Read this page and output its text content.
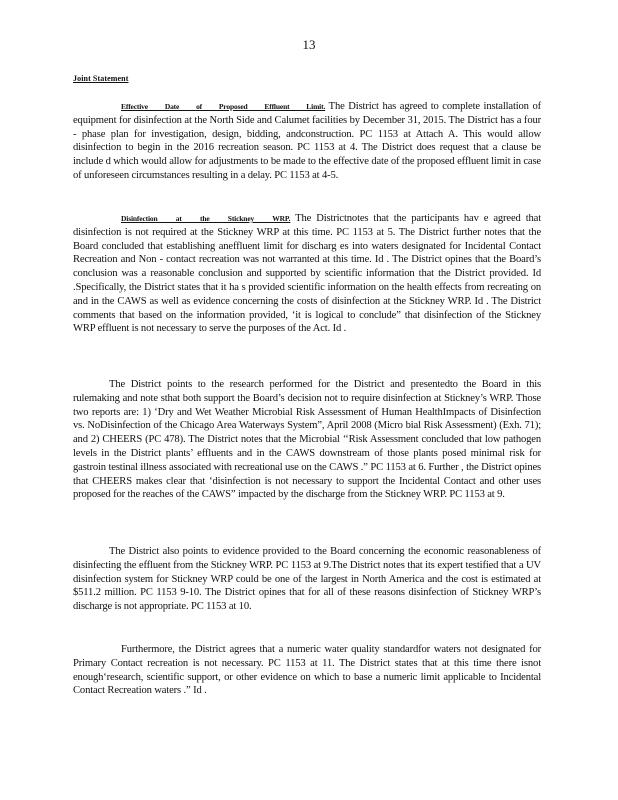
13
Joint Statement

Effective Date of Proposed Effluent Limit. The District has agreed to complete installation of equipment for disinfection at the North Side and Calumet facilities by December 31, 2015. The District has a four - phase plan for investigation, design, bidding, andconstruction. PC 1153 at Attach A. This would allow disinfection to begin in the 2016 recreation season. PC 1153 at 4. The District does request that a clause be include d which would allow for adjustments to be made to the effective date of the proposed effluent limit in case of unforeseen circumstances resulting in a delay. PC 1153 at 4-5.

Disinfection at the Stickney WRP. The Districtnotes that the participants hav e agreed that disinfection is not required at the Stickney WRP at this time. PC 1153 at 5. The District further notes that the Board concluded that establishing aneffluent limit for discharg es into waters designated for Incidental Contact Recreation and Non - contact recreation was not warranted at this time. Id . The District opines that the Board’s conclusion was a reasonable conclusion and supported by scientific information that the District provided. Id .Specifically, the District states that it ha s provided scientific information on the health effects from recreating on and in the CAWS as well as evidence concerning the costs of disinfection at the Stickney WRP. Id . The District comments that based on the information provided, ‘it is logical to conclude” that disinfection of the Stickney WRP effluent is not necessary to serve the purposes of the Act. Id .

The District points to the research performed for the District and presentedto the Board in this rulemaking and note sthat both support the Board’s decision not to require disinfection at Stickney’s WRP. Those two reports are: 1) ‘Dry and Wet Weather Microbial Risk Assessment of Human HealthImpacts of Disinfection vs. NoDisinfection of the Chicago Area Waterways System”, April 2008 (Micro bial Risk Assessment) (Exh. 71); and 2) CHEERS (PC 478). The District notes that the Microbial ‘‘Risk Assessment concluded that low pathogen levels in the District plants’ effluents and in the CAWS downstream of those plants posed minimal risk for gastroin testinal illness associated with recreational use on the CAWS .” PC 1153 at 6. Further , the District opines that CHEERS makes clear that ‘disinfection is not necessary to support the Incidental Contact and other uses proposed for the reaches of the CAWS” impacted by the discharge from the Stickney WRP. PC 1153 at 9.

The District also points to evidence provided to the Board concerning the economic reasonableness of disinfecting the effluent from the Stickney WRP. PC 1153 at 9.The District notes that its expert testified that a UV disinfection system for Stickney WRP could be one of the largest in North America and the cost is estimated at $511.2 million. PC 1153 9-10. The District opines that for all of these reasons disinfection of Stickney WRP’s discharge is not appropriate. PC 1153 at 10.

Furthermore, the District agrees that a numeric water quality standardfor waters not designated for Primary Contact recreation is not necessary. PC 1153 at 11. The District states that at this time there isnot enough‘research, scientific support, or other evidence on which to base a numeric limit applicable to Incidental Contact Recreation waters .” Id .
